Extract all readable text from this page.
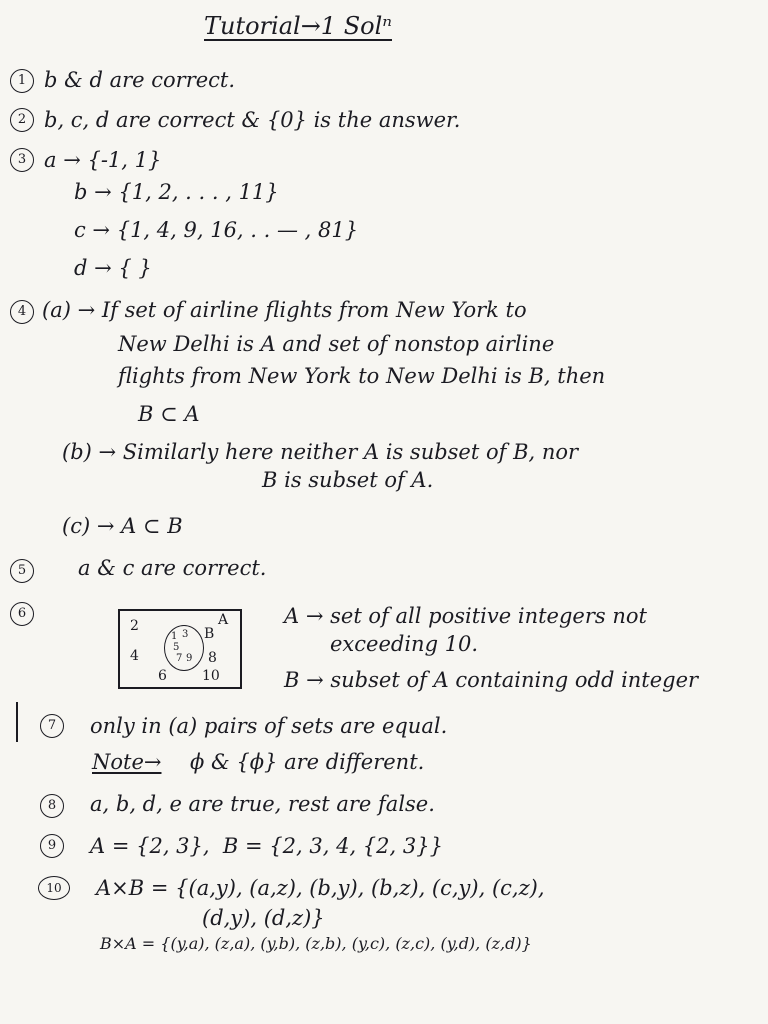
Tutorial→1 Solⁿ
1 b & d are correct.
2 b, c, d are correct & {0} is the answer.
3 a → {-1, 1}
b → {1, 2, . . . , 11}
c → {1, 4, 9, 16, . . — , 81}
d → { }
4 (a) → If set of airline flights from New York to
New Delhi is A and set of nonstop airline
flights from New York to New Delhi is B, then
B ⊂ A
(b) → Similarly here neither A is subset of B, nor
B is subset of A.
(c) → A ⊂ B
5	a & c are correct.
6
2
4
6
8
10
A
B
1 3
5
7 9
A → set of all positive integers not
exceeding 10.
B → subset of A containing odd integer
7	only in (a) pairs of sets are equal.
Note→ ϕ & {ϕ} are different.
8	a, b, d, e are true, rest are false.
9	A = {2, 3},  B = {2, 3, 4, {2, 3}}
10	A×B = {(a,y), (a,z), (b,y), (b,z), (c,y), (c,z),
(d,y), (d,z)}
B×A = {(y,a), (z,a), (y,b), (z,b), (y,c), (z,c), (y,d), (z,d)}
